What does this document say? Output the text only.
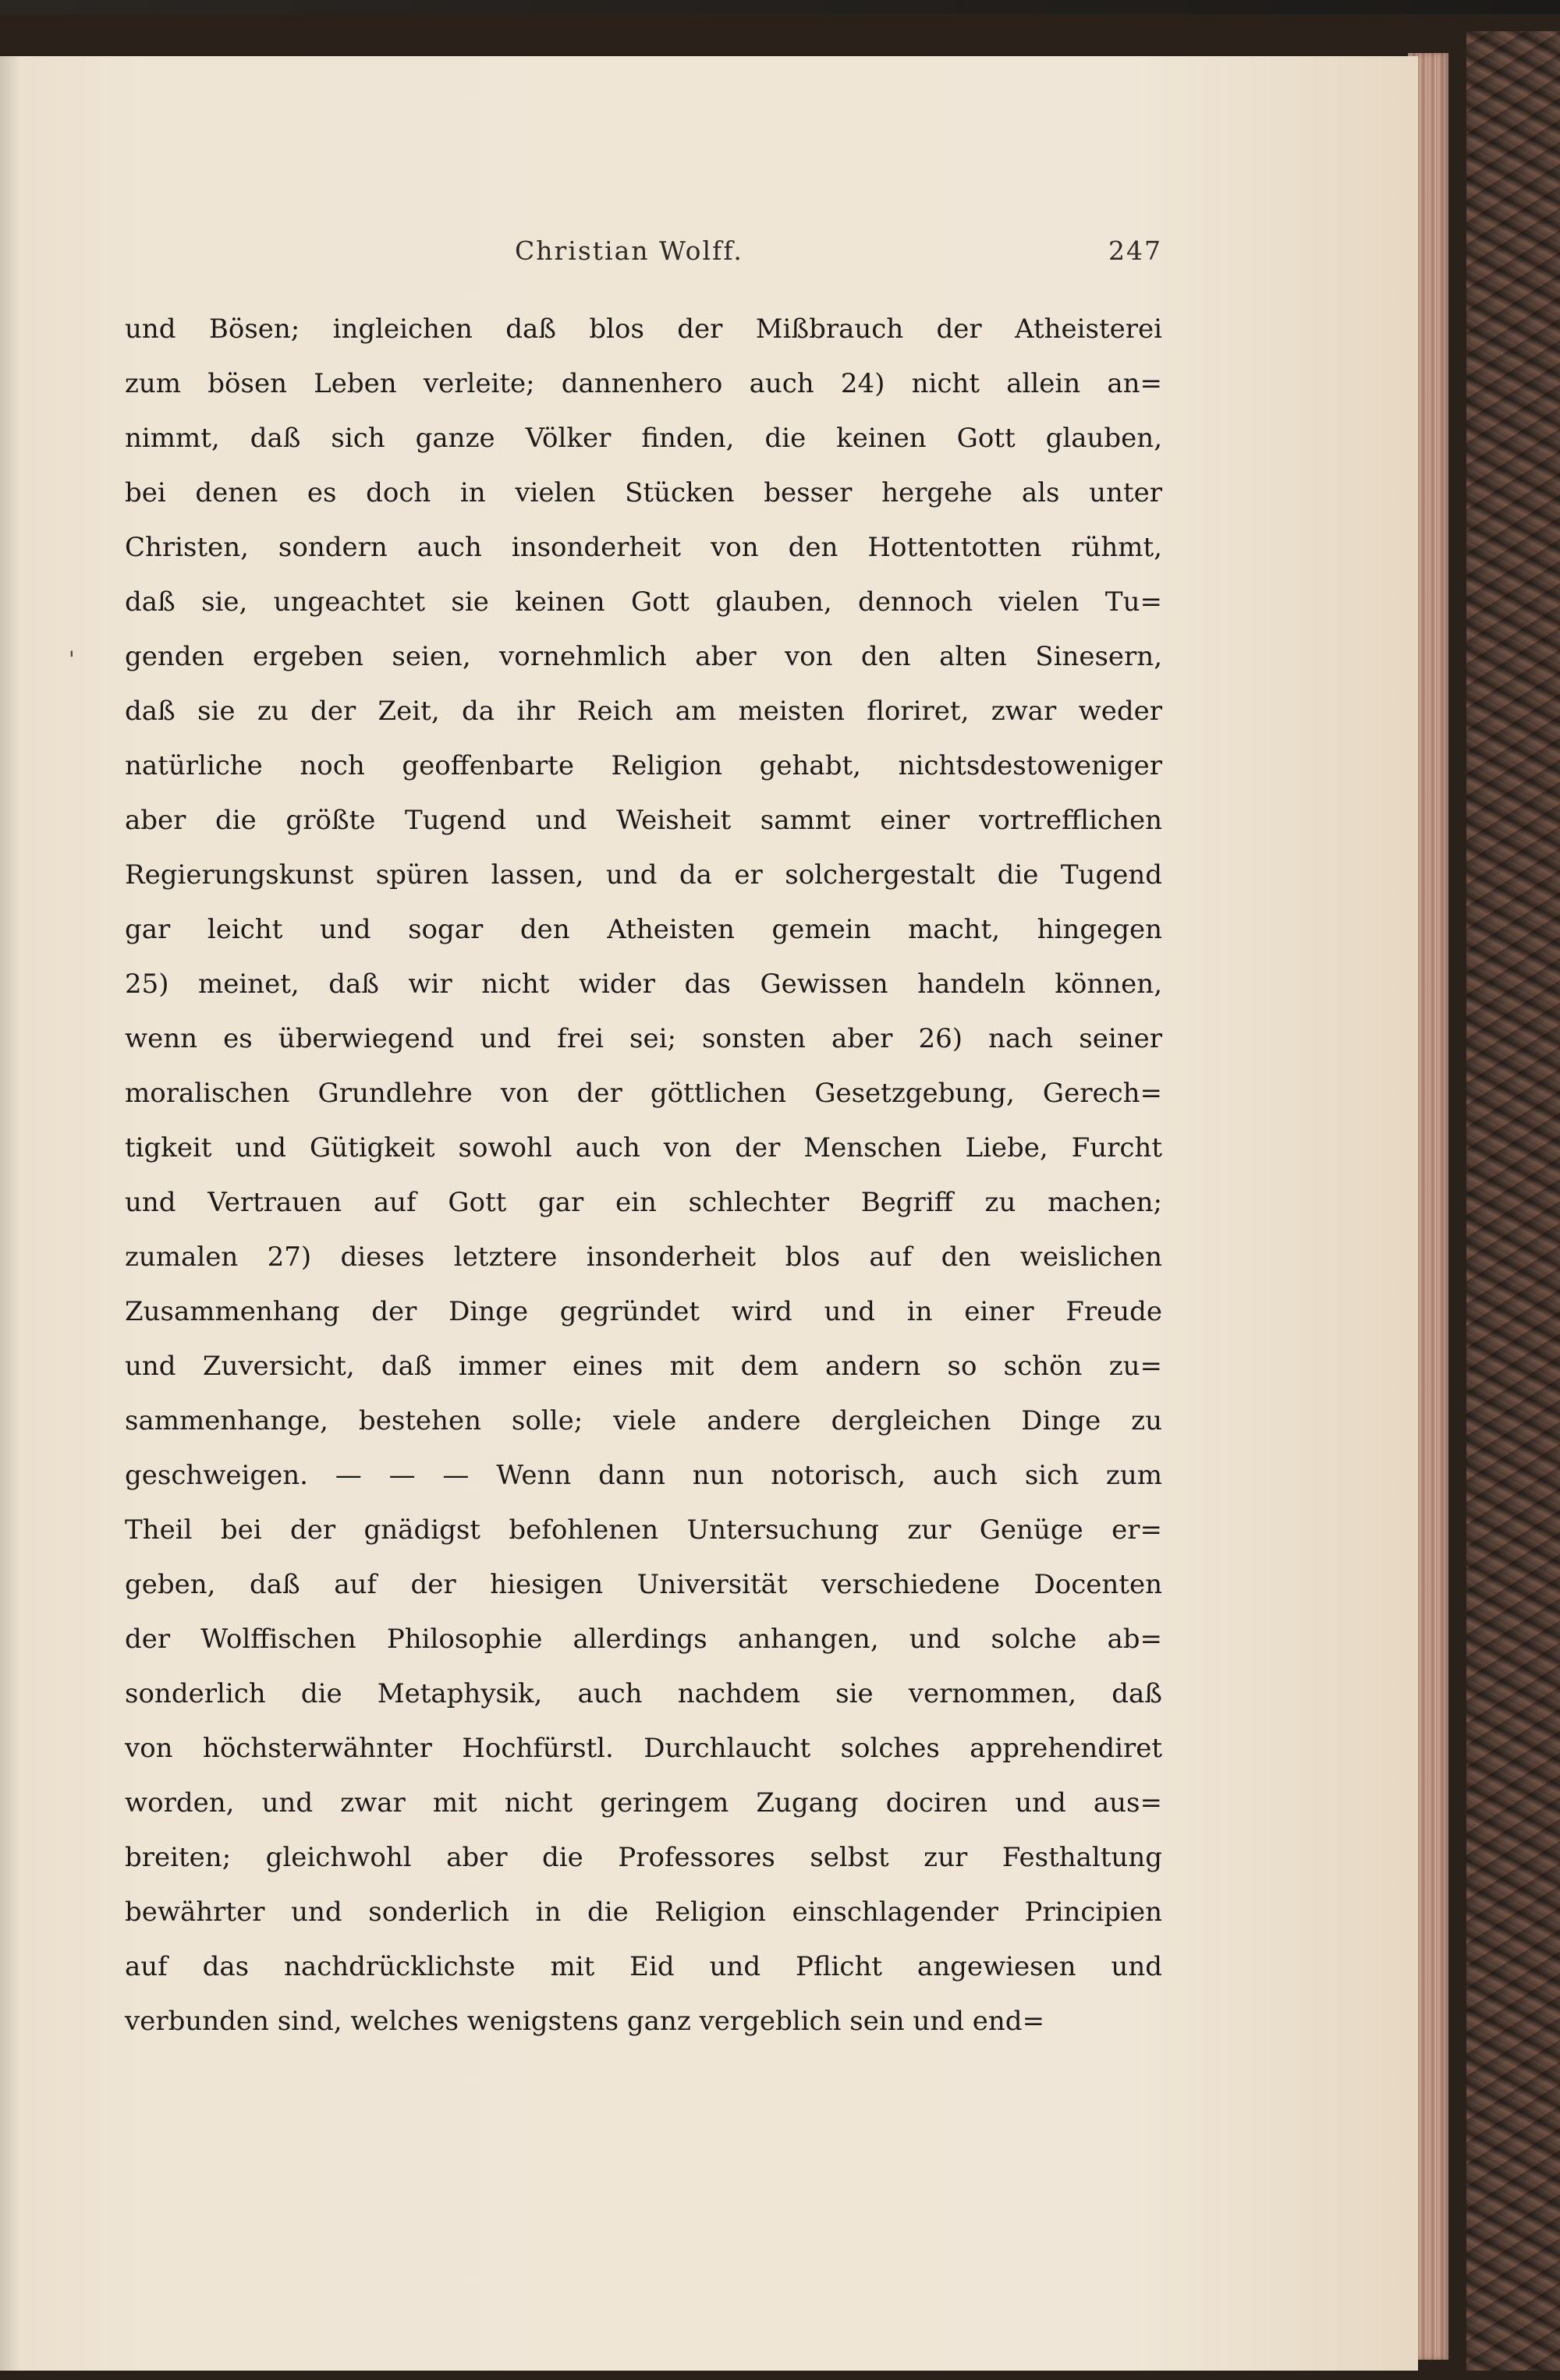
'
Christian Wolff.	247
und Bösen; ingleichen daß blos der Mißbrauch der Atheisterei
zum bösen Leben verleite; dannenhero auch 24) nicht allein an=
nimmt, daß sich ganze Völker finden, die keinen Gott glauben,
bei denen es doch in vielen Stücken besser hergehe als unter
Christen, sondern auch insonderheit von den Hottentotten rühmt,
daß sie, ungeachtet sie keinen Gott glauben, dennoch vielen Tu=
genden ergeben seien, vornehmlich aber von den alten Sinesern,
daß sie zu der Zeit, da ihr Reich am meisten floriret, zwar weder
natürliche noch geoffenbarte Religion gehabt, nichtsdestoweniger
aber die größte Tugend und Weisheit sammt einer vortrefflichen
Regierungskunst spüren lassen, und da er solchergestalt die Tugend
gar leicht und sogar den Atheisten gemein macht, hingegen
25) meinet, daß wir nicht wider das Gewissen handeln können,
wenn es überwiegend und frei sei; sonsten aber 26) nach seiner
moralischen Grundlehre von der göttlichen Gesetzgebung, Gerech=
tigkeit und Gütigkeit sowohl auch von der Menschen Liebe, Furcht
und Vertrauen auf Gott gar ein schlechter Begriff zu machen;
zumalen 27) dieses letztere insonderheit blos auf den weislichen
Zusammenhang der Dinge gegründet wird und in einer Freude
und Zuversicht, daß immer eines mit dem andern so schön zu=
sammenhange, bestehen solle; viele andere dergleichen Dinge zu
geschweigen. — — — Wenn dann nun notorisch, auch sich zum
Theil bei der gnädigst befohlenen Untersuchung zur Genüge er=
geben, daß auf der hiesigen Universität verschiedene Docenten
der Wolffischen Philosophie allerdings anhangen, und solche ab=
sonderlich die Metaphysik, auch nachdem sie vernommen, daß
von höchsterwähnter Hochfürstl. Durchlaucht solches apprehendiret
worden, und zwar mit nicht geringem Zugang dociren und aus=
breiten; gleichwohl aber die Professores selbst zur Festhaltung
bewährter und sonderlich in die Religion einschlagender Principien
auf das nachdrücklichste mit Eid und Pflicht angewiesen und
verbunden sind, welches wenigstens ganz vergeblich sein und end=
